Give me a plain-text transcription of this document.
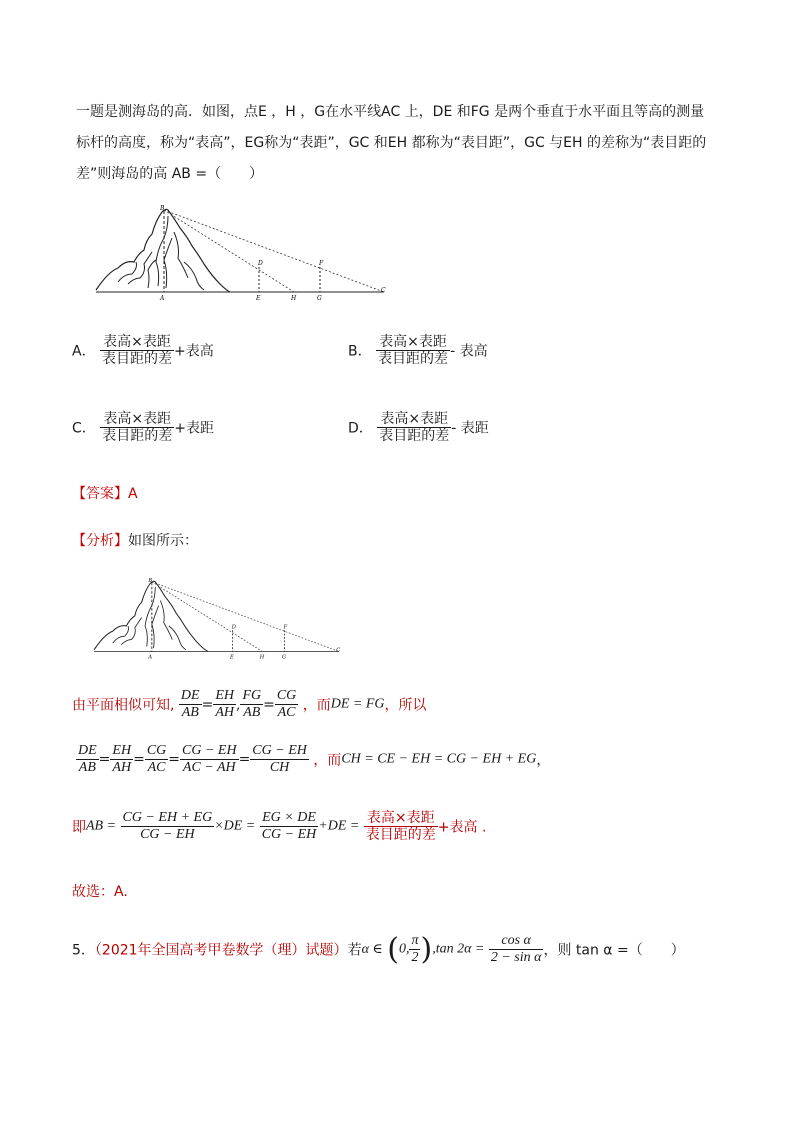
一题是测海岛的高．如图，点E ，H ，G在水平线AC 上，DE 和FG 是两个垂直于水平面且等高的测量
标杆的高度，称为“表高”，EG称为“表距”，GC 和EH 都称为“表目距”，GC 与EH 的差称为“表目距的
差”则海岛的高 AB =（　　）
B
D	F
A	E	H	G
C
A． $\frac{\text{表高×表距}}{\text{表目距的差}}$ +表高	B． $\frac{\text{表高×表距}}{\text{表目距的差}}$ - 表高
C． $\frac{\text{表高×表距}}{\text{表目距的差}}$ +表距	D． $\frac{\text{表高×表距}}{\text{表目距的差}}$ - 表距
【答案】A
【分析】如图所示：
B
D	F
A	E	H	G
C
由平面相似可知, $\frac{DE}{AB} = \frac{EH}{AH}$ , $\frac{FG}{AB} = \frac{CG}{AC}$ ，而DE = FG，所以
$\frac{DE}{AB} = \frac{EH}{AH} = \frac{CG}{AC} = \frac{CG - EH}{AC - AH} = \frac{CG - EH}{CH}$ ，而CH = CE − EH = CG − EH + EG，
即AB = $\frac{CG - EH + EG}{CG - EH} \times DE = \frac{EG \times DE}{CG - EH} +DE = \frac{\text{表高×表距}}{\text{表目距的差}}$ +表高 .
故选：A.
5．（2021年全国高考甲卷数学（理）试题）若α ∈ (0, $\frac{\pi}{2} ),\tan$ $2\alpha = \frac{\text{cos α}}{\text{2 − sin α}}$ ，则 tan α =（　　）
